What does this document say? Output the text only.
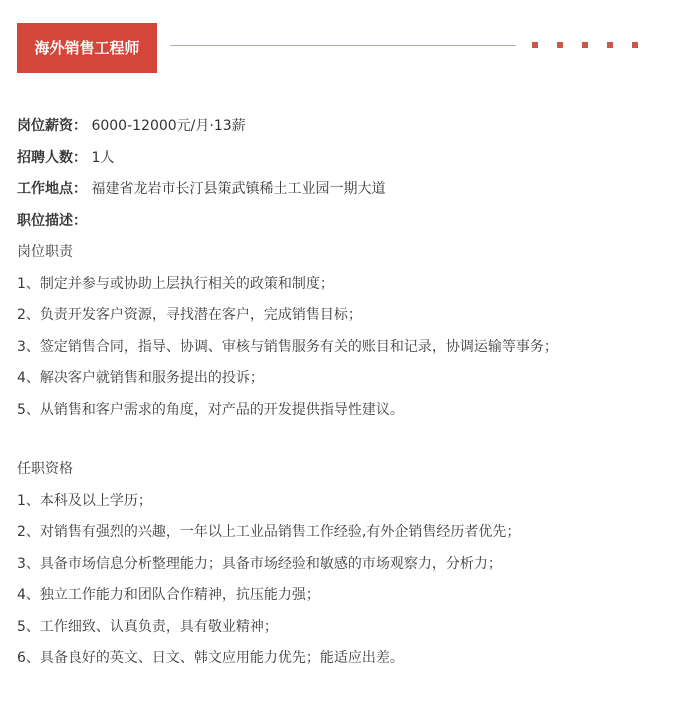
海外销售工程师
岗位薪资： 6000-12000元/月·13薪
招聘人数： 1人
工作地点： 福建省龙岩市长汀县策武镇稀土工业园一期大道
职位描述：
岗位职责
1、制定并参与或协助上层执行相关的政策和制度；
2、负责开发客户资源，寻找潜在客户，完成销售目标；
3、签定销售合同，指导、协调、审核与销售服务有关的账目和记录，协调运输等事务；
4、解决客户就销售和服务提出的投诉；
5、从销售和客户需求的角度，对产品的开发提供指导性建议。
任职资格
1、本科及以上学历；
2、对销售有强烈的兴趣，一年以上工业品销售工作经验,有外企销售经历者优先；
3、具备市场信息分析整理能力；具备市场经验和敏感的市场观察力，分析力；
4、独立工作能力和团队合作精神，抗压能力强；
5、工作细致、认真负责，具有敬业精神；
6、具备良好的英文、日文、韩文应用能力优先；能适应出差。
